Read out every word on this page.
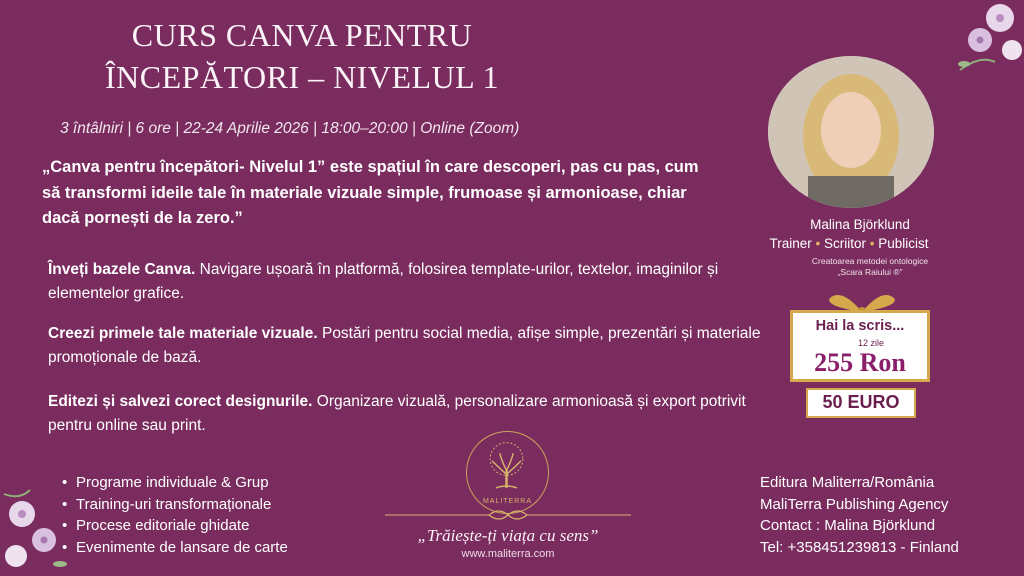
CURS CANVA PENTRU
ÎNCEPĂTORI – NIVELUL 1
3 întâlniri | 6 ore | 22-24 Aprilie 2026 | 18:00–20:00 | Online (Zoom)
„Canva pentru începători- Nivelul 1” este spațiul în care descoperi, pas cu pas, cum să transformi ideile tale în materiale vizuale simple, frumoase și armonioase, chiar dacă pornești de la zero.”
Înveți bazele Canva. Navigare ușoară în platformă, folosirea template-urilor, textelor, imaginilor și elementelor grafice.
Creezi primele tale materiale vizuale. Postări pentru social media, afișe simple, prezentări și materiale promoționale de bază.
Editezi și salvezi corect designurile. Organizare vizuală, personalizare armonioasă și export potrivit pentru online sau print.
• Programe individuale & Grup
• Training-uri transformaționale
• Procese editoriale ghidate
• Evenimente de lansare de carte
MALITERRA
„Trăiește-ți viața cu sens”
www.maliterra.com
Malina Björklund
Trainer • Scriitor • Publicist
Creatoarea metodei ontologice
„Scara Raiului ®”
Hai la scris...
12 zile
255 Ron
50 EURO
Editura Maliterra/România
MaliTerra Publishing Agency
Contact : Malina Björklund
Tel: +358451239813 - Finland
